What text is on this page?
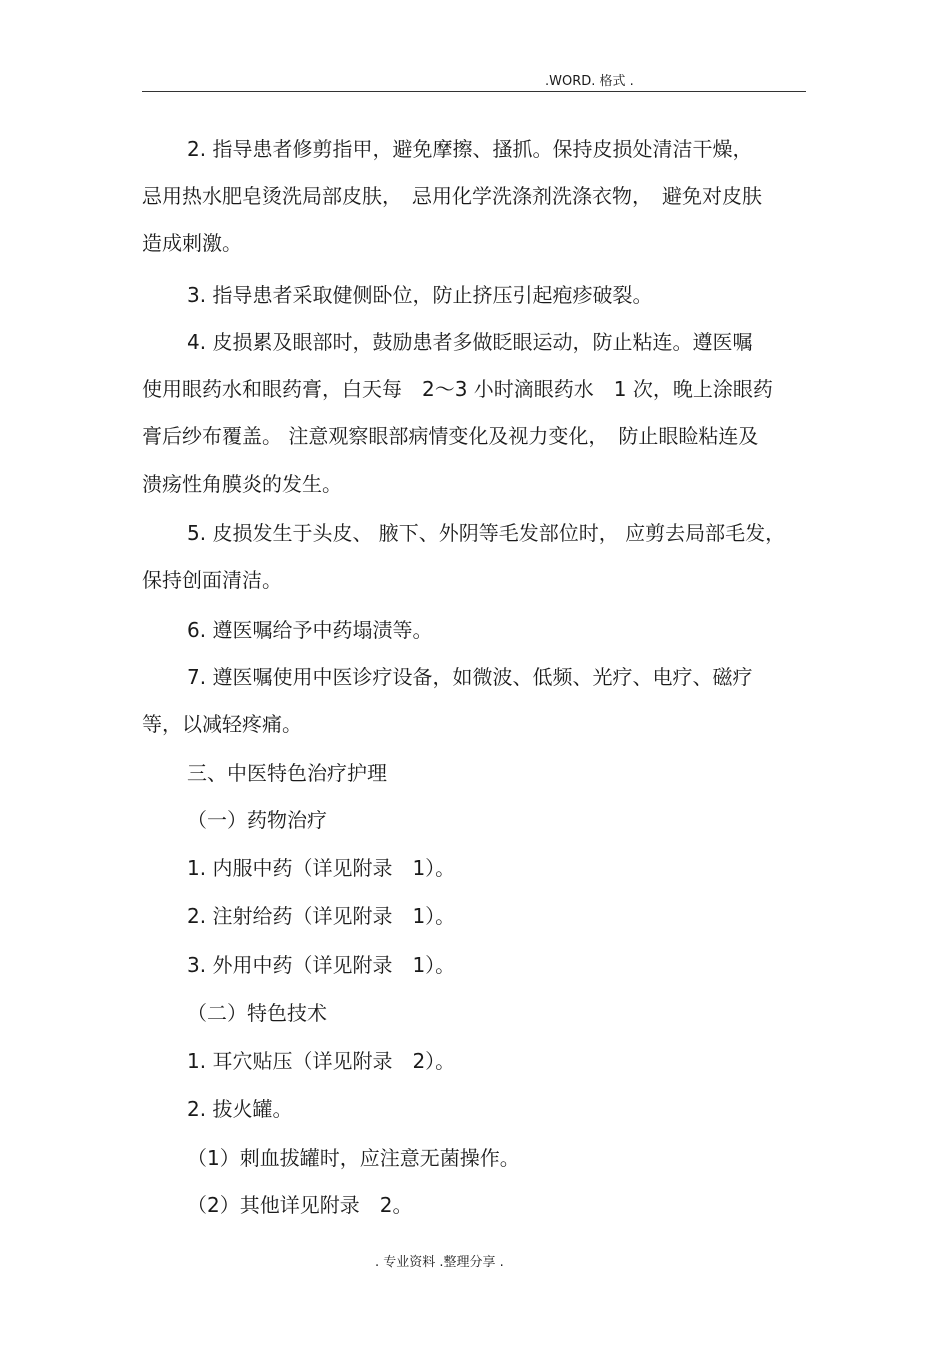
.WORD. 格式 .
2. 指导患者修剪指甲，避免摩擦、搔抓。保持皮损处清洁干燥，
忌用热水肥皂烫洗局部皮肤，　忌用化学洗涤剂洗涤衣物，　避免对皮肤
造成刺激。
3. 指导患者采取健侧卧位，防止挤压引起疱疹破裂。
4. 皮损累及眼部时，鼓励患者多做眨眼运动，防止粘连。遵医嘱
使用眼药水和眼药膏，白天每　2～3 小时滴眼药水　1 次，晚上涂眼药
膏后纱布覆盖。 注意观察眼部病情变化及视力变化，　防止眼睑粘连及
溃疡性角膜炎的发生。
5. 皮损发生于头皮、 腋下、外阴等毛发部位时， 应剪去局部毛发，
保持创面清洁。
6. 遵医嘱给予中药塌渍等。
7. 遵医嘱使用中医诊疗设备，如微波、低频、光疗、电疗、磁疗
等，以减轻疼痛。
三、中医特色治疗护理
（一）药物治疗
1. 内服中药（详见附录　1）。
2. 注射给药（详见附录　1）。
3. 外用中药（详见附录　1）。
（二）特色技术
1. 耳穴贴压（详见附录　2）。
2. 拔火罐。
（1）刺血拔罐时，应注意无菌操作。
（2）其他详见附录　2。
. 专业资料 .整理分享 .
